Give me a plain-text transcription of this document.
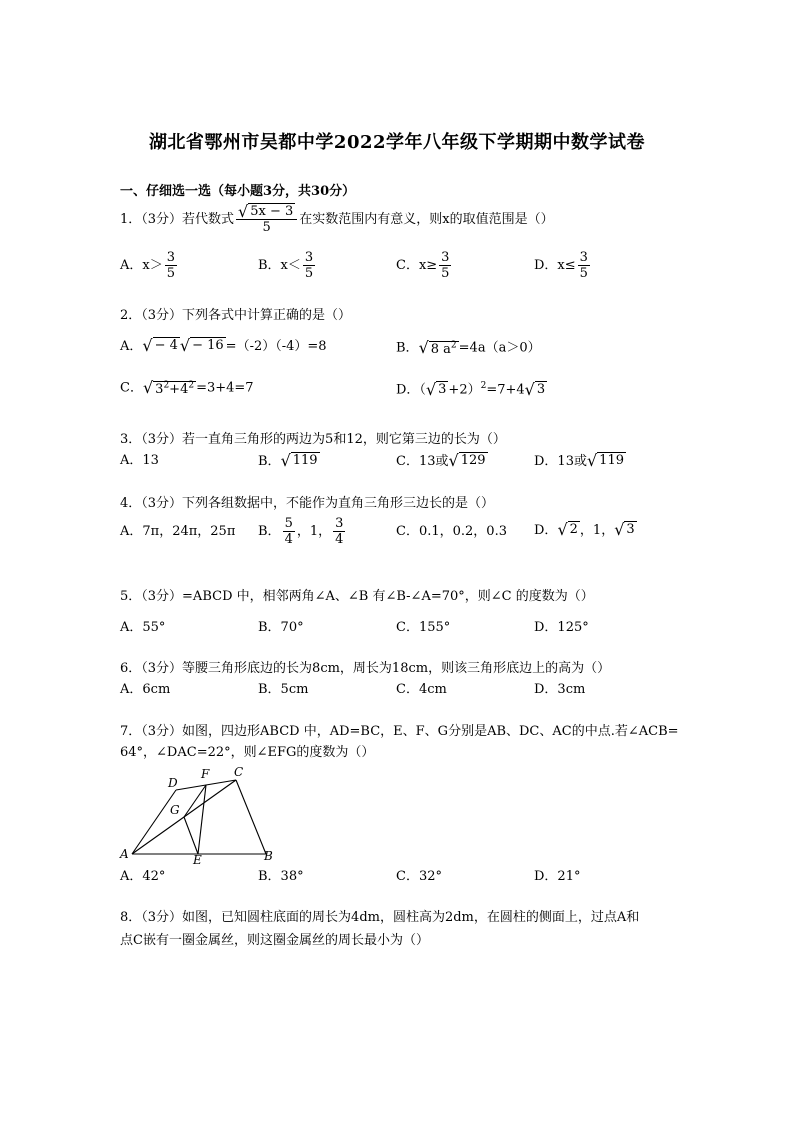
湖北省鄂州市吴都中学2022学年八年级下学期期中数学试卷
一、仔细选一选（每小题3分，共30分）
1．（3分）若代数式 $\frac{√ 5x - 3}{5}$ 在实数范围内有意义，则x的取值范围是（）
A．$x> \frac{3}{5}$	B．$x< \frac{3}{5}$	C．$x\ge \frac{3}{5}$	D．$x\le \frac{3}{5}$
2．（3分）下列各式中计算正确的是（）
A．√ − 4 √ − 16 =（-2）（-4）=8	B．√ 8 $a^2 =4a(a>0)$
C．√ $3^2+4^2 =3+4=7$	D．（√ 3 +2）$^2$=7+4√ 3
3．（3分）若一直角三角形的两边为5和12，则它第三边的长为（）
A．13	B．√ 119	C．13或√ 129	D．13或√ 119
4．（3分）下列各组数据中，不能作为直角三角形三边长的是（）
A．7π，24π，25π B． $\frac{5}{4}$ ，1， $\frac{3}{4}$	C．0.1，0.2，0.3 D．√ 2 ，1，√ 3
5．（3分）=ABCD 中，相邻两角∠A、∠B 有∠B-∠A=70°，则∠C 的度数为（）
A．55°	B．70°	C．155°	D．125°
6．（3分）等腰三角形底边的长为8cm，周长为18cm，则该三角形底边上的高为（）
A．6cm	B．5cm	C．4cm	D．3cm
7．（3分）如图，四边形ABCD 中，AD=BC，E、F、G分别是AB、DC、AC的中点.若∠ACB=
64°，∠DAC=22°，则∠EFG的度数为（）
A	B
C
D
E
F
G
A．42°	B．38°	C．32°	D．21°
8．（3分）如图，已知圆柱底面的周长为4dm，圆柱高为2dm，在圆柱的侧面上，过点A和
点C嵌有一圈金属丝，则这圈金属丝的周长最小为（）
